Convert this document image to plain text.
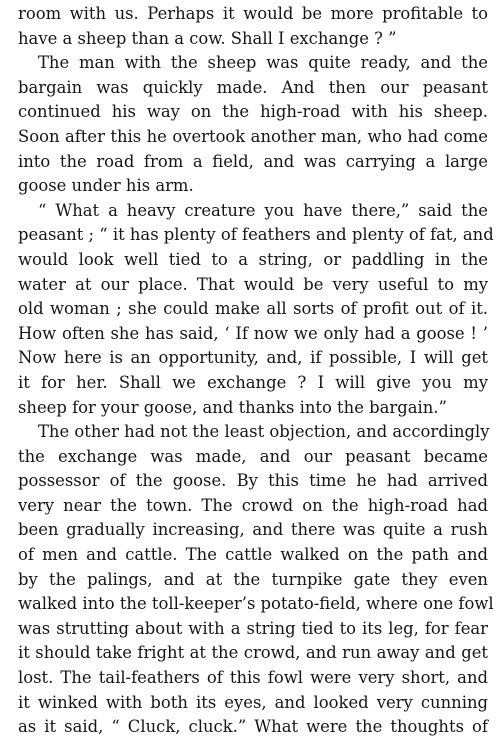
room with us. Perhaps it would be more profitable to
have a sheep than a cow. Shall I exchange ? ”
The man with the sheep was quite ready, and the
bargain was quickly made. And then our peasant
continued his way on the high-road with his sheep.
Soon after this he overtook another man, who had come
into the road from a field, and was carrying a large
goose under his arm.
“ What a heavy creature you have there,” said the
peasant ; “ it has plenty of feathers and plenty of fat, and
would look well tied to a string, or paddling in the
water at our place. That would be very useful to my
old woman ; she could make all sorts of profit out of it.
How often she has said, ‘ If now we only had a goose ! ’
Now here is an opportunity, and, if possible, I will get
it for her. Shall we exchange ? I will give you my
sheep for your goose, and thanks into the bargain.”
The other had not the least objection, and accordingly
the exchange was made, and our peasant became
possessor of the goose. By this time he had arrived
very near the town. The crowd on the high-road had
been gradually increasing, and there was quite a rush
of men and cattle. The cattle walked on the path and
by the palings, and at the turnpike gate they even
walked into the toll-keeper’s potato-field, where one fowl
was strutting about with a string tied to its leg, for fear
it should take fright at the crowd, and run away and get
lost. The tail-feathers of this fowl were very short, and
it winked with both its eyes, and looked very cunning
as it said, “ Cluck, cluck.” What were the thoughts of
